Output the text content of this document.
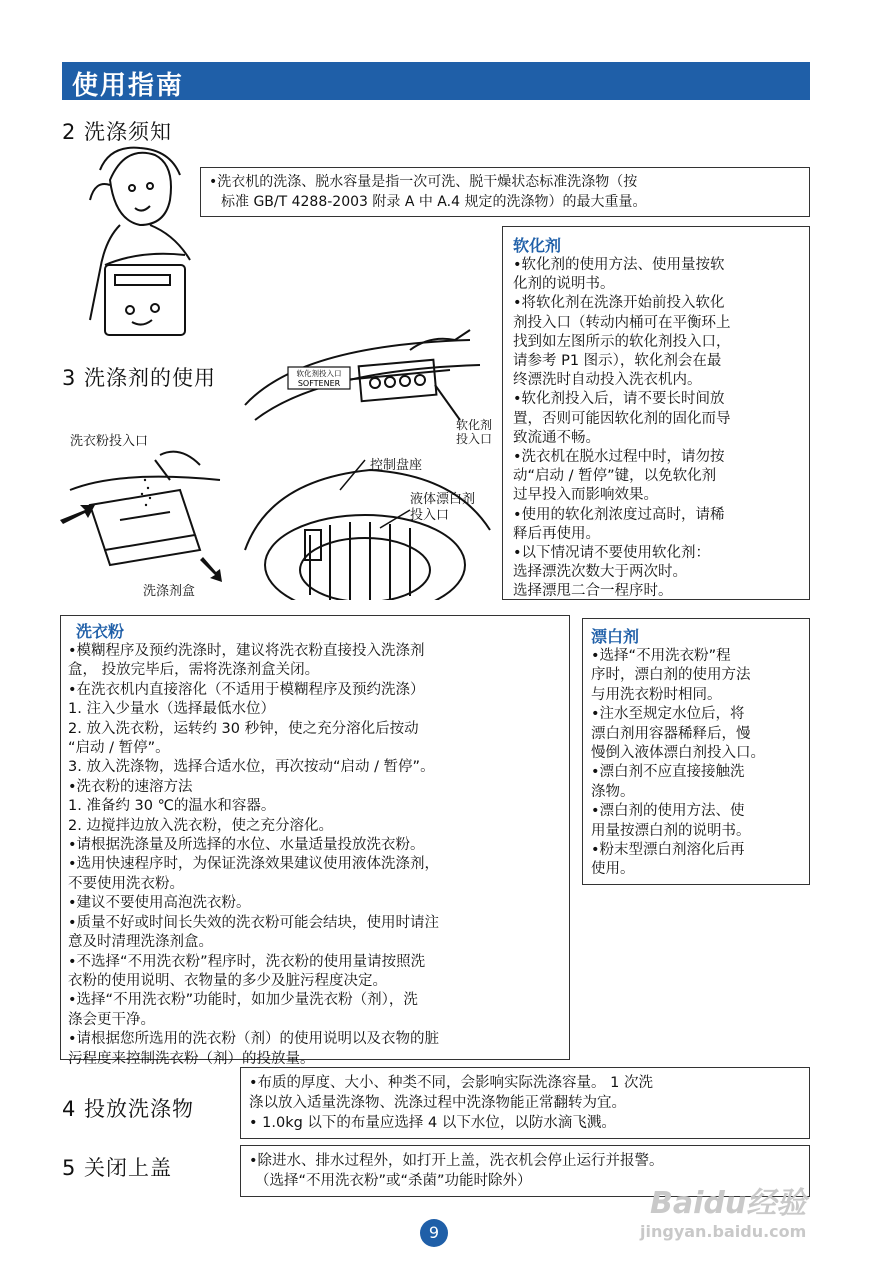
使用指南
2 洗涤须知
3 洗涤剂的使用
4 投放洗涤物
5 关闭上盖

•洗衣机的洗涤、脱水容量是指一次可洗、脱干燥状态标准洗涤物（按

标准 GB/T 4288-2003 附录 A 中 A.4 规定的洗涤物）的最大重量。

软化剂

•软化剂的使用方法、使用量按软

化剂的说明书。

•将软化剂在洗涤开始前投入软化

剂投入口（转动内桶可在平衡环上

找到如左图所示的软化剂投入口，

请参考 P1 图示），软化剂会在最

终漂洗时自动投入洗衣机内。

•软化剂投入后，请不要长时间放

置，否则可能因软化剂的固化而导

致流通不畅。

•洗衣机在脱水过程中时，请勿按

动“启动 / 暂停”键，以免软化剂

过早投入而影响效果。

•使用的软化剂浓度过高时，请稀

释后再使用。

•以下情况请不要使用软化剂：

选择漂洗次数大于两次时。

选择漂甩二合一程序时。

软化剂投入口
SOFTENER
软化剂
投入口
洗衣粉投入口
洗涤剂盒
控制盘座
液体漂白剂
投入口
洗衣粉

•模糊程序及预约洗涤时，建议将洗衣粉直接投入洗涤剂

盒， 投放完毕后，需将洗涤剂盒关闭。

•在洗衣机内直接溶化（不适用于模糊程序及预约洗涤）

1. 注入少量水（选择最低水位）

2. 放入洗衣粉，运转约 30 秒钟，使之充分溶化后按动

“启动 / 暂停”。

3. 放入洗涤物，选择合适水位，再次按动“启动 / 暂停”。

•洗衣粉的速溶方法

1. 准备约 30 ℃的温水和容器。

2. 边搅拌边放入洗衣粉，使之充分溶化。

•请根据洗涤量及所选择的水位、水量适量投放洗衣粉。

•选用快速程序时，为保证洗涤效果建议使用液体洗涤剂，

不要使用洗衣粉。

•建议不要使用高泡洗衣粉。

•质量不好或时间长失效的洗衣粉可能会结块，使用时请注

意及时清理洗涤剂盒。

•不选择“不用洗衣粉”程序时，洗衣粉的使用量请按照洗

衣粉的使用说明、衣物量的多少及脏污程度决定。

•选择“不用洗衣粉”功能时，如加少量洗衣粉（剂），洗

涤会更干净。

•请根据您所选用的洗衣粉（剂）的使用说明以及衣物的脏

污程度来控制洗衣粉（剂）的投放量。

漂白剂

•选择“不用洗衣粉”程

序时，漂白剂的使用方法

与用洗衣粉时相同。

•注水至规定水位后，将

漂白剂用容器稀释后，慢

慢倒入液体漂白剂投入口。

•漂白剂不应直接接触洗

涤物。

•漂白剂的使用方法、使

用量按漂白剂的说明书。

•粉末型漂白剂溶化后再

使用。

•布质的厚度、大小、种类不同，会影响实际洗涤容量。 1 次洗

涤以放入适量洗涤物、洗涤过程中洗涤物能正常翻转为宜。

• 1.0kg 以下的布量应选择 4 以下水位，以防水滴飞溅。

•除进水、排水过程外，如打开上盖，洗衣机会停止运行并报警。

（选择“不用洗衣粉”或“杀菌”功能时除外）

9
Baidu经验
jingyan.baidu.com
